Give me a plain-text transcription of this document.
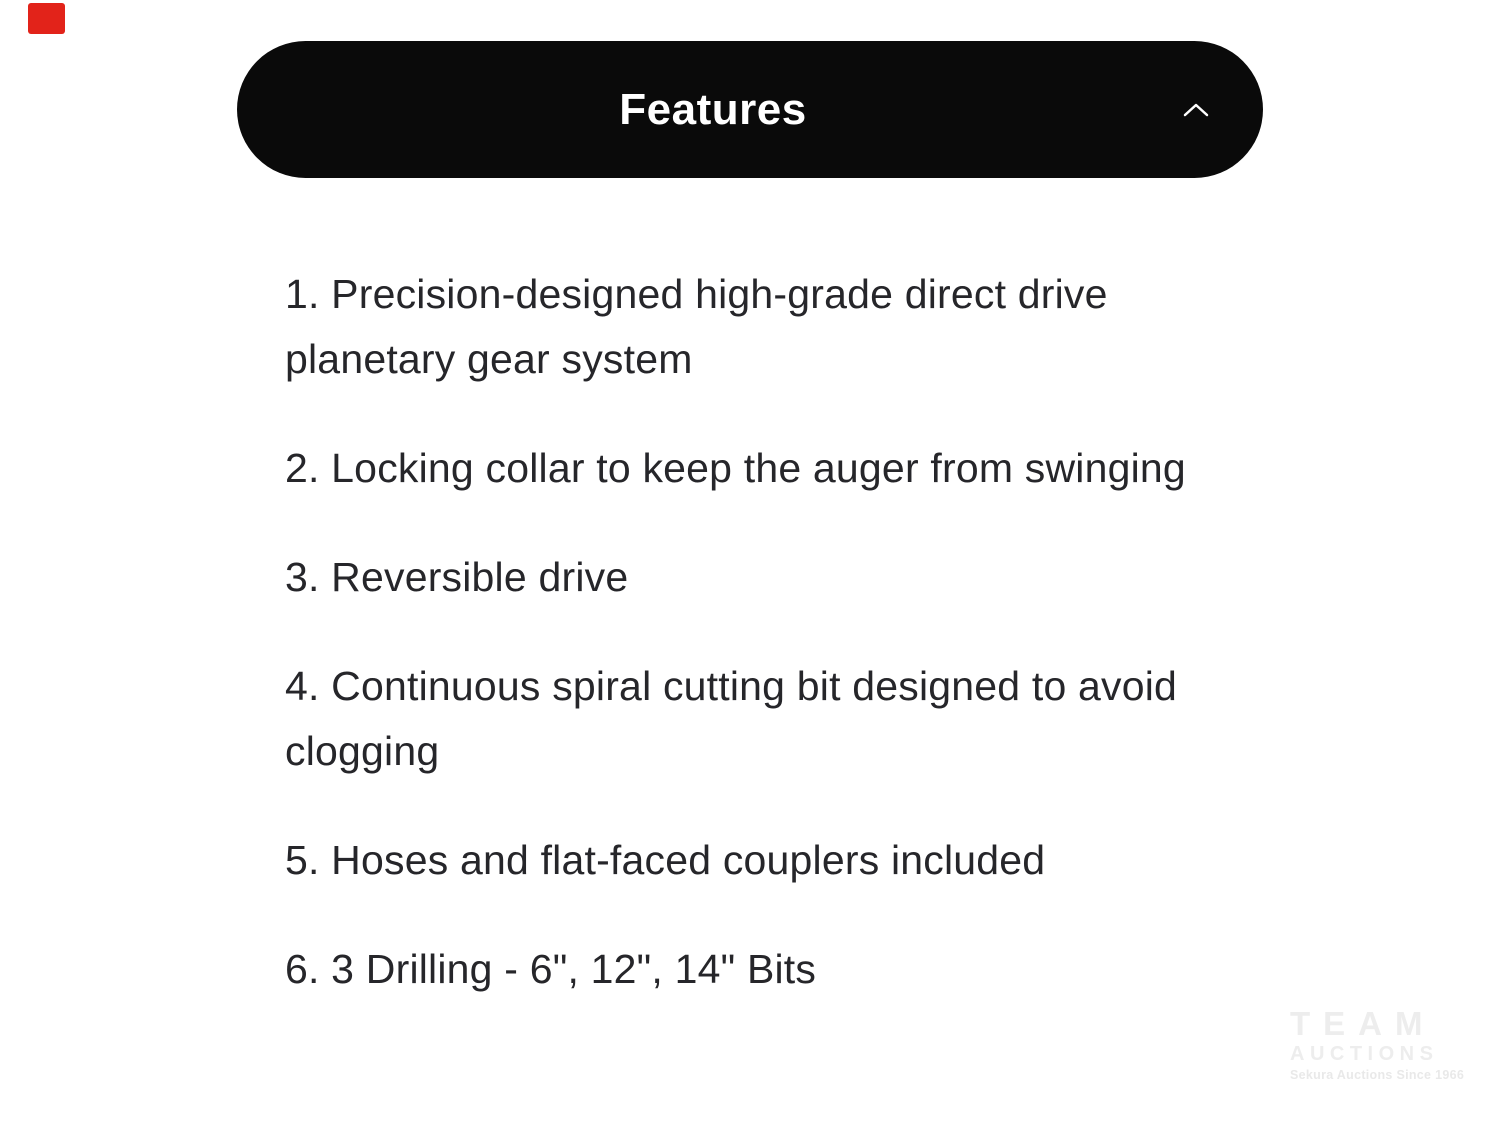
Features

1. Precision-designed high-grade direct drive planetary gear system

2. Locking collar to keep the auger from swinging

3. Reversible drive

4. Continuous spiral cutting bit designed to avoid clogging

5. Hoses and flat-faced couplers included

6. 3 Drilling - 6", 12", 14" Bits

TEAM
AUCTIONS
Sekura Auctions Since 1966
